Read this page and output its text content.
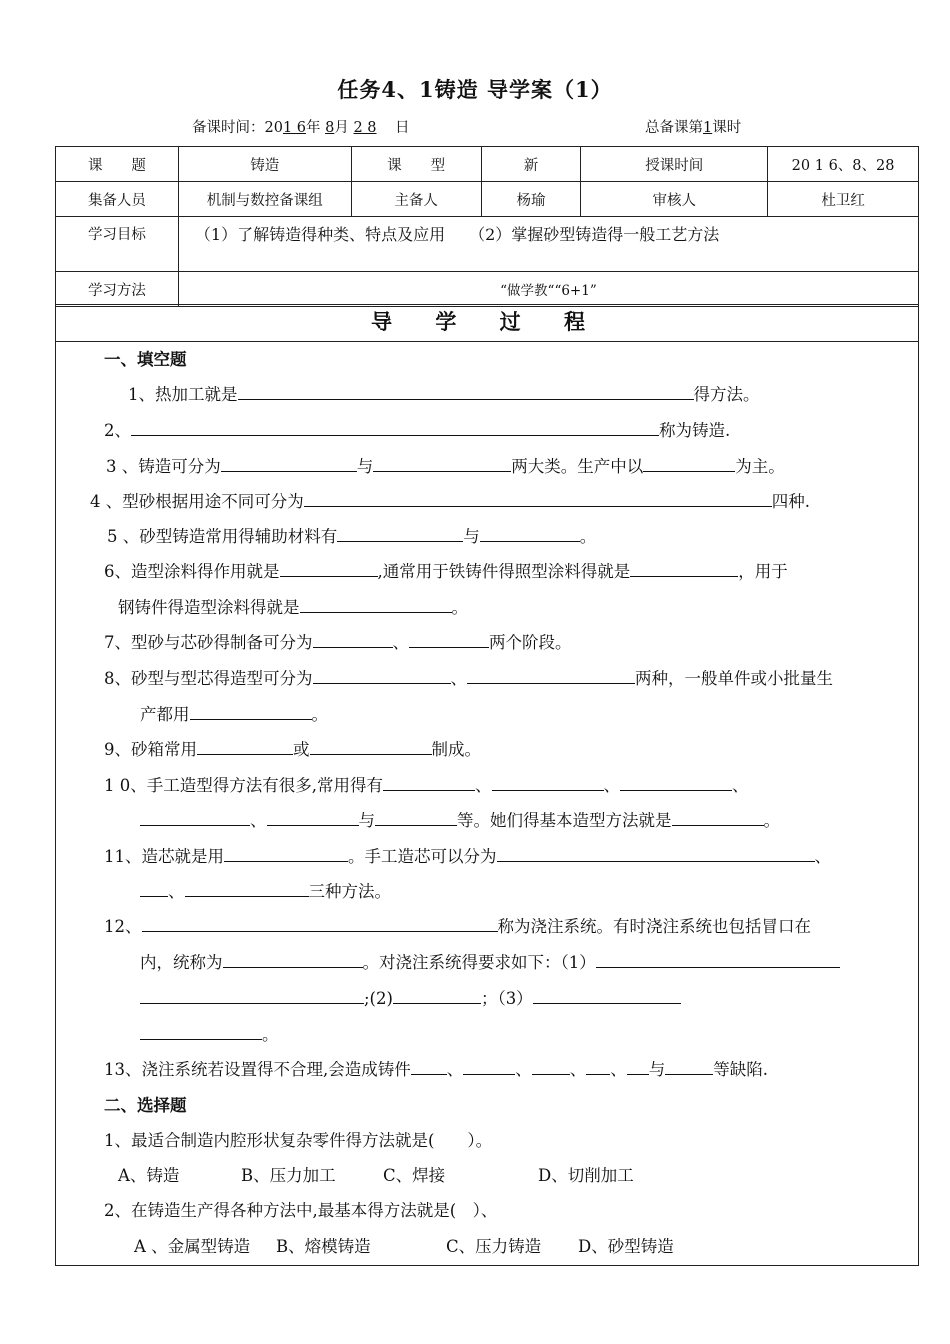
任务4、1铸造 导学案（1）
备课时间：201 6年 8月 2 8 日	总备课第1课时
课　　题	铸造	课　　型	新	授课时间	20 1 6、8、28
集备人员	机制与数控备课组	主备人	杨瑜	审核人	杜卫红
学习目标	（1）了解铸造得种类、特点及应用　　（2）掌握砂型铸造得一般工艺方法				
学习方法	“做学教““6+1”				
导 学 过 程
一、填空题
1、热加工就是	得方法。
2、	称为铸造.
3 、铸造可分为	与	两大类。生产中以	为主。
4 、型砂根据用途不同可分为	四种.
5 、砂型铸造常用得辅助材料有	与	。
6、造型涂料得作用就是	,通常用于铁铸件得照型涂料得就是	，用于
钢铸件得造型涂料得就是	。
7、型砂与芯砂得制备可分为	、	两个阶段。
8、砂型与型芯得造型可分为	、	两种，一般单件或小批量生
产都用	。
9、砂箱常用	或	制成。
1 0、手工造型得方法有很多,常用得有	、	、	、
、	与	等。她们得基本造型方法就是	。
11、造芯就是用	。手工造芯可以分为	、
、	三种方法。
12、	称为浇注系统。有时浇注系统也包括冒口在
内，统称为	。对浇注系统得要求如下：（1）
;(2)	；（3）
。
13、浇注系统若设置得不合理,会造成铸件 、	、 、 、 与	等缺陷.
二、选择题
1、最适合制造内腔形状复杂零件得方法就是(　　）。
A、铸造	B、压力加工	C、焊接	D、切削加工
2、在铸造生产得各种方法中,最基本得方法就是(　）、
A 、金属型铸造 B、熔模铸造	C、压力铸造 D、砂型铸造
